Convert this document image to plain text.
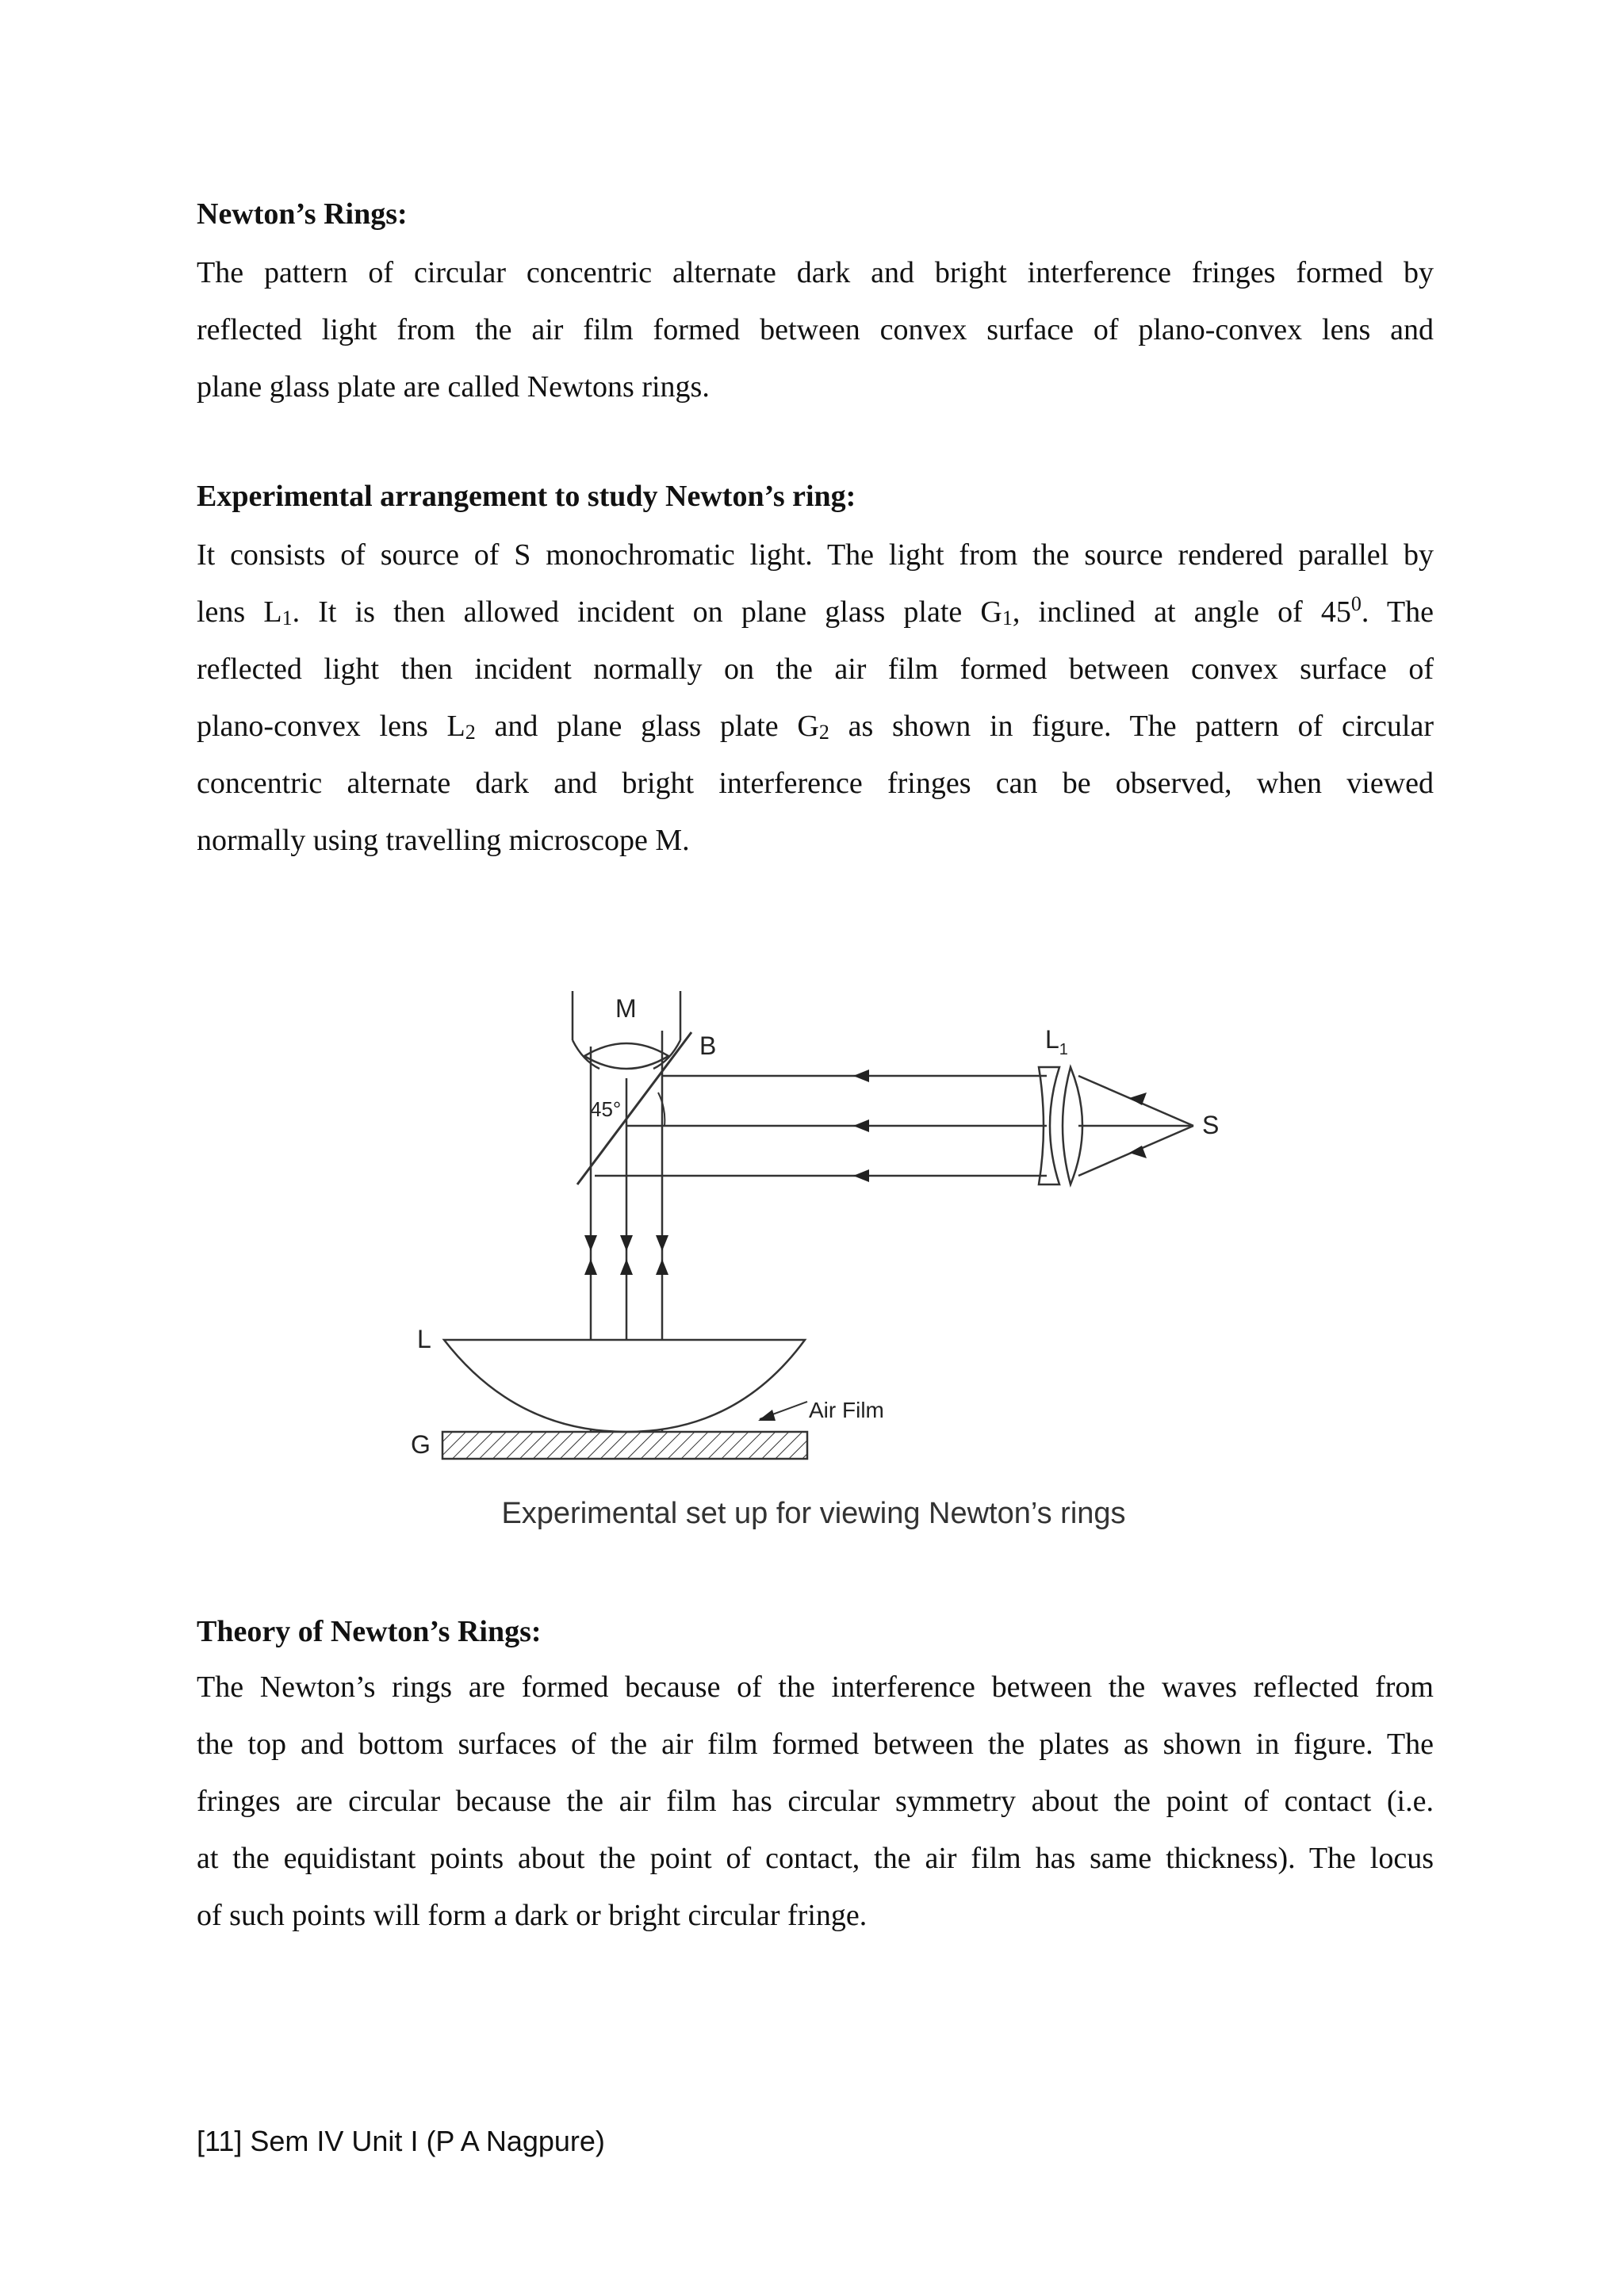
Newton’s Rings:
The pattern of circular concentric alternate dark and bright interference fringes formed by
reflected light from the air film formed between convex surface of plano-convex lens and
plane glass plate are called Newtons rings.
Experimental arrangement to study Newton’s ring:
It consists of source of S monochromatic light. The light from the source rendered parallel by
lens $L_1$. It is then allowed incident on plane glass plate $G_1$, inclined at angle of $45^0$. The
reflected light then incident normally on the air film formed between convex surface of
plano-convex lens $L_2$ and plane glass plate $G_2$ as shown in figure. The pattern of circular
concentric alternate dark and bright interference fringes can be observed, when viewed
normally using travelling microscope M.
M
B
45°
$L_1$
S
L
G
Air Film

Experimental set up for viewing Newton’s rings

Theory of Newton’s Rings:
The Newton’s rings are formed because of the interference between the waves reflected from
the top and bottom surfaces of the air film formed between the plates as shown in figure. The
fringes are circular because the air film has circular symmetry about the point of contact (i.e.
at the equidistant points about the point of contact, the air film has same thickness). The locus
of such points will form a dark or bright circular fringe.

[11] Sem IV Unit I (P A Nagpure)
